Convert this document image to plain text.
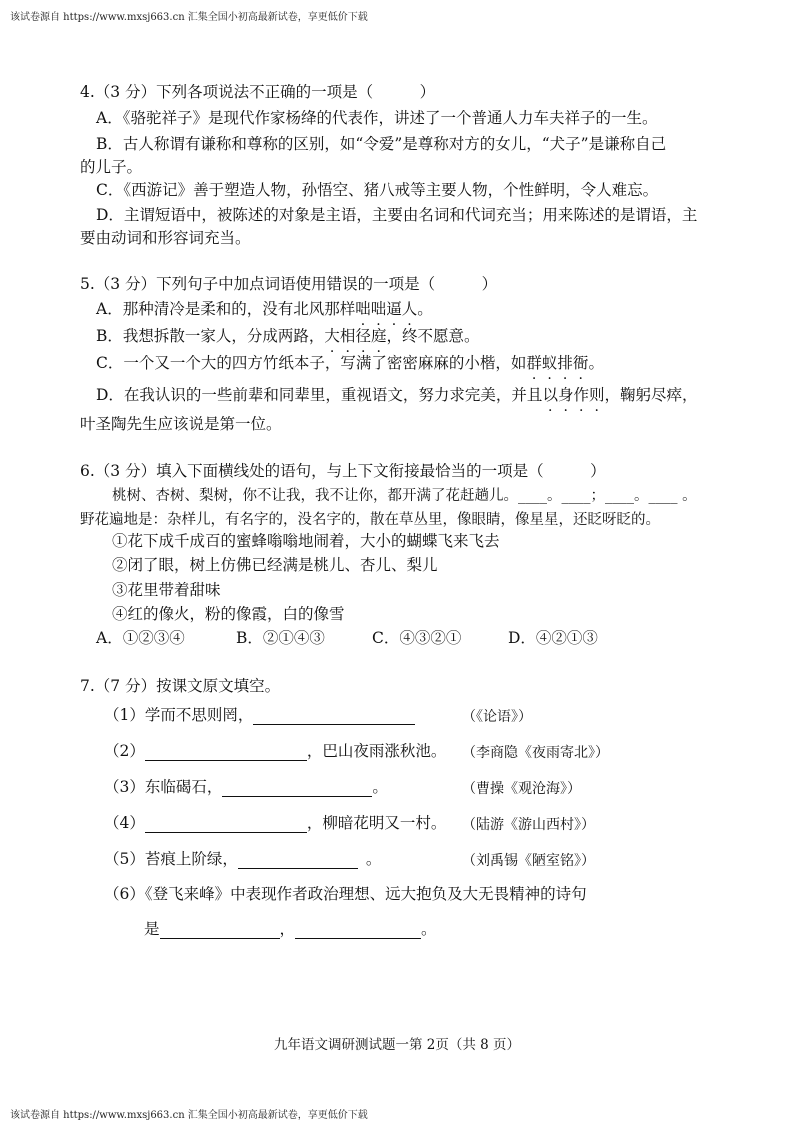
该试卷源自 https://www.mxsj663.cn 汇集全国小初高最新试卷，享更低价下载
4.（3 分）下列各项说法不正确的一项是（　　　）
A．《骆驼祥子》是现代作家杨绛的代表作，讲述了一个普通人力车夫祥子的一生。
B．古人称谓有谦称和尊称的区别，如“令爱”是尊称对方的女儿，“犬子”是谦称自己
的儿子。
C．《西游记》善于塑造人物，孙悟空、猪八戒等主要人物，个性鲜明，令人难忘。
D．主谓短语中，被陈述的对象是主语，主要由名词和代词充当；用来陈述的是谓语，主
要由动词和形容词充当。
5.（3 分）下列句子中加点词语使用错误的一项是（　　　）
A．那种清冷是柔和的，没有北风那样咄咄逼人。
B．我想拆散一家人，分成两路，大相径庭，终不愿意。
C．一个又一个大的四方竹纸本子，写满了密密麻麻的小楷，如群蚁排衙。
D．在我认识的一些前辈和同辈里，重视语文，努力求完美，并且以身作则，鞠躬尽瘁，
叶圣陶先生应该说是第一位。
6.（3 分）填入下面横线处的语句，与上下文衔接最恰当的一项是（　　　）
桃树、杏树、梨树，你不让我，我不让你，都开满了花赶趟儿。____。____；____。____ 。
野花遍地是：杂样儿，有名字的，没名字的，散在草丛里，像眼睛，像星星，还眨呀眨的。
①花下成千成百的蜜蜂嗡嗡地闹着，大小的蝴蝶飞来飞去
②闭了眼，树上仿佛已经满是桃儿、杏儿、梨儿
③花里带着甜味
④红的像火，粉的像霞，白的像雪
A．①②③④	B．②①④③	C．④③②①	D．④②①③
7.（7 分）按课文原文填空。
（1）学而不思则罔，	（《论语》）
（2）	，巴山夜雨涨秋池。 （李商隐《夜雨寄北》）
（3）东临碣石，	。	（曹操《观沧海》）
（4）	，柳暗花明又一村。 （陆游《游山西村》）
（5）苔痕上阶绿，	。	（刘禹锡《陋室铭》）
（6）《登飞来峰》中表现作者政治理想、远大抱负及大无畏精神的诗句
是	，	。
九年语文调研测试题一第 2页（共 8 页）
该试卷源自 https://www.mxsj663.cn 汇集全国小初高最新试卷，享更低价下载
